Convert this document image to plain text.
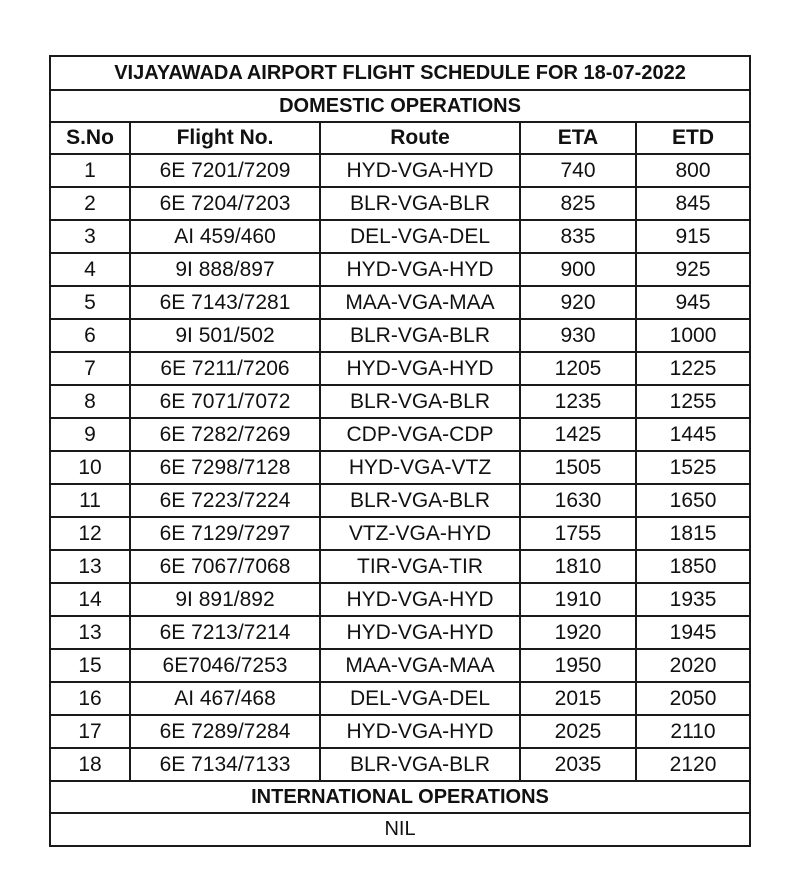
VIJAYAWADA AIRPORT FLIGHT SCHEDULE FOR 18-07-2022				
DOMESTIC OPERATIONS				
S.No	Flight No.	Route	ETA	ETD
1	6E 7201/7209	HYD-VGA-HYD	740	800
2	6E 7204/7203	BLR-VGA-BLR	825	845
3	AI 459/460	DEL-VGA-DEL	835	915
4	9I 888/897	HYD-VGA-HYD	900	925
5	6E 7143/7281	MAA-VGA-MAA	920	945
6	9I 501/502	BLR-VGA-BLR	930	1000
7	6E 7211/7206	HYD-VGA-HYD	1205	1225
8	6E 7071/7072	BLR-VGA-BLR	1235	1255
9	6E 7282/7269	CDP-VGA-CDP	1425	1445
10	6E 7298/7128	HYD-VGA-VTZ	1505	1525
11	6E 7223/7224	BLR-VGA-BLR	1630	1650
12	6E 7129/7297	VTZ-VGA-HYD	1755	1815
13	6E 7067/7068	TIR-VGA-TIR	1810	1850
14	9I 891/892	HYD-VGA-HYD	1910	1935
13	6E 7213/7214	HYD-VGA-HYD	1920	1945
15	6E7046/7253	MAA-VGA-MAA	1950	2020
16	AI 467/468	DEL-VGA-DEL	2015	2050
17	6E 7289/7284	HYD-VGA-HYD	2025	2110
18	6E 7134/7133	BLR-VGA-BLR	2035	2120
INTERNATIONAL OPERATIONS				
NIL				
